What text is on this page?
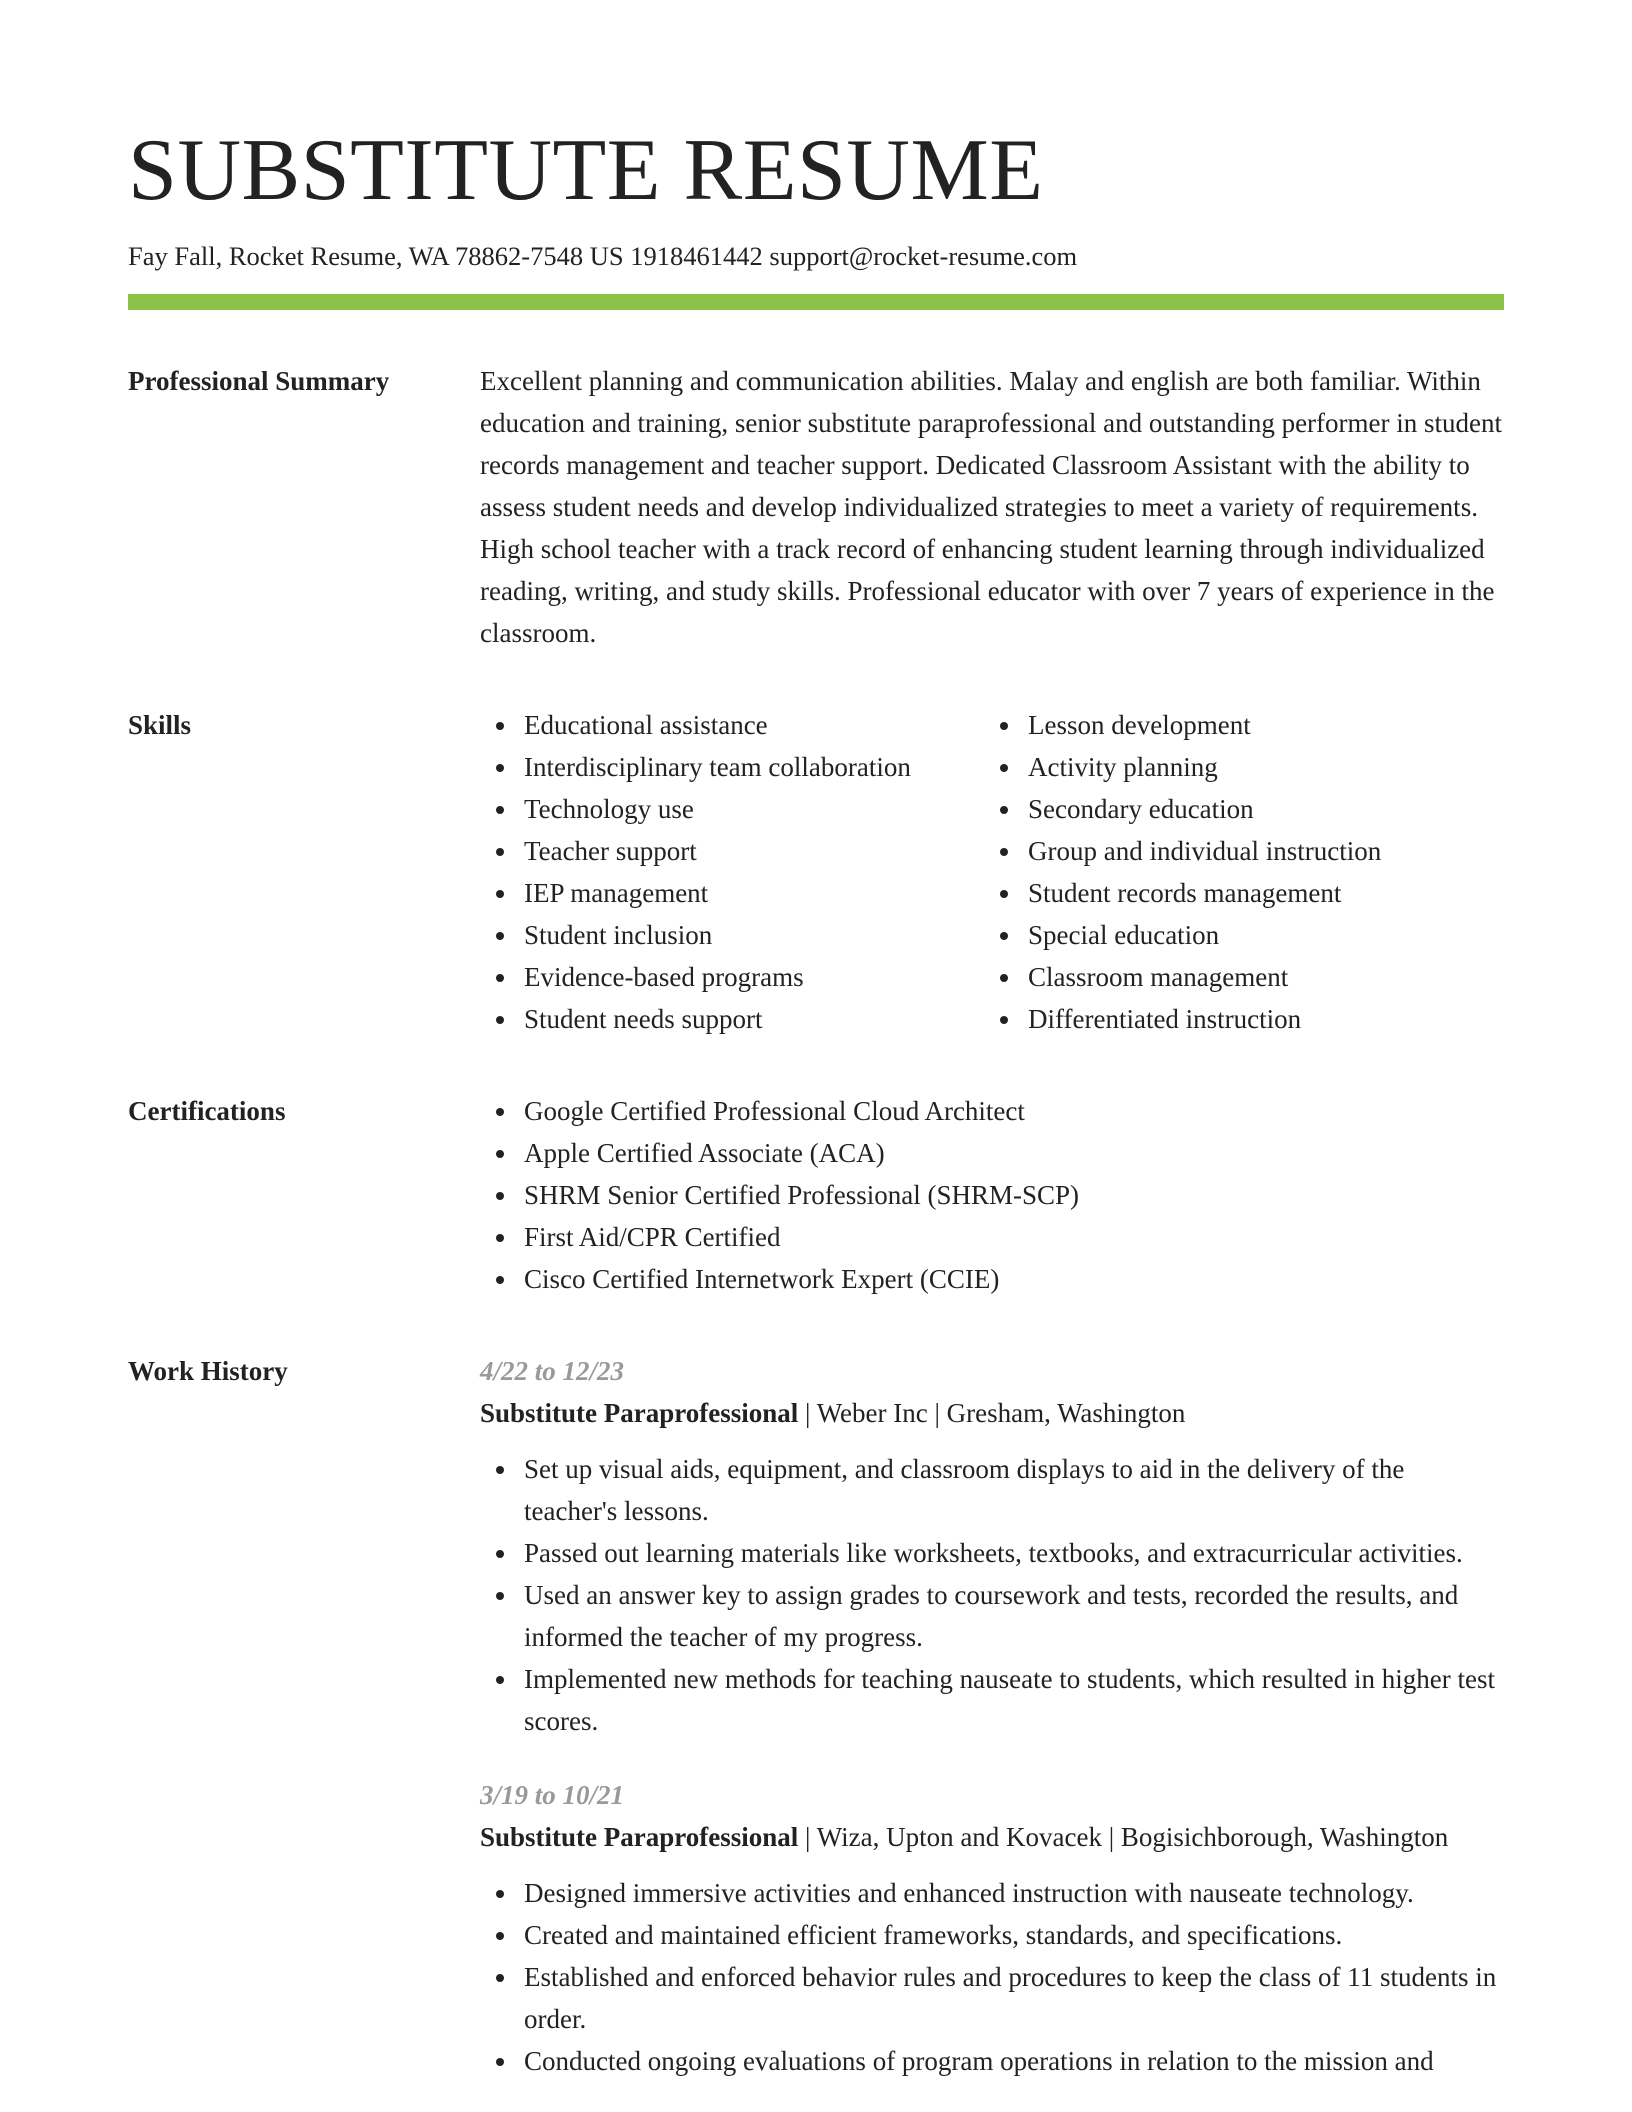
SUBSTITUTE RESUME
Fay Fall, Rocket Resume, WA 78862-7548 US 1918461442 support@rocket-resume.com
Professional Summary	Excellent planning and communication abilities. Malay and english are both familiar. Within education and training, senior substitute paraprofessional and outstanding performer in student records management and teacher support. Dedicated Classroom Assistant with the ability to assess student needs and develop individualized strategies to meet a variety of requirements. High school teacher with a track record of enhancing student learning through individualized reading, writing, and study skills. Professional educator with over 7 years of experience in the classroom.

Skills	Educational assistance
Interdisciplinary team collaboration
Technology use
Teacher support
IEP management
Student inclusion
Evidence-based programs
Student needs support
Lesson development
Activity planning
Secondary education
Group and individual instruction
Student records management
Special education
Classroom management
Differentiated instruction
Certifications	Google Certified Professional Cloud Architect
Apple Certified Associate (ACA)
SHRM Senior Certified Professional (SHRM-SCP)
First Aid/CPR Certified
Cisco Certified Internetwork Expert (CCIE)
Work History	4/22 to 12/23
Substitute Paraprofessional | Weber Inc | Gresham, Washington
Set up visual aids, equipment, and classroom displays to aid in the delivery of the teacher's lessons.
Passed out learning materials like worksheets, textbooks, and extracurricular activities.
Used an answer key to assign grades to coursework and tests, recorded the results, and informed the teacher of my progress.
Implemented new methods for teaching nauseate to students, which resulted in higher test scores.
3/19 to 10/21
Substitute Paraprofessional | Wiza, Upton and Kovacek | Bogisichborough, Washington
Designed immersive activities and enhanced instruction with nauseate technology.
Created and maintained efficient frameworks, standards, and specifications.
Established and enforced behavior rules and procedures to keep the class of 11 students in order.
Conducted ongoing evaluations of program operations in relation to the mission and
